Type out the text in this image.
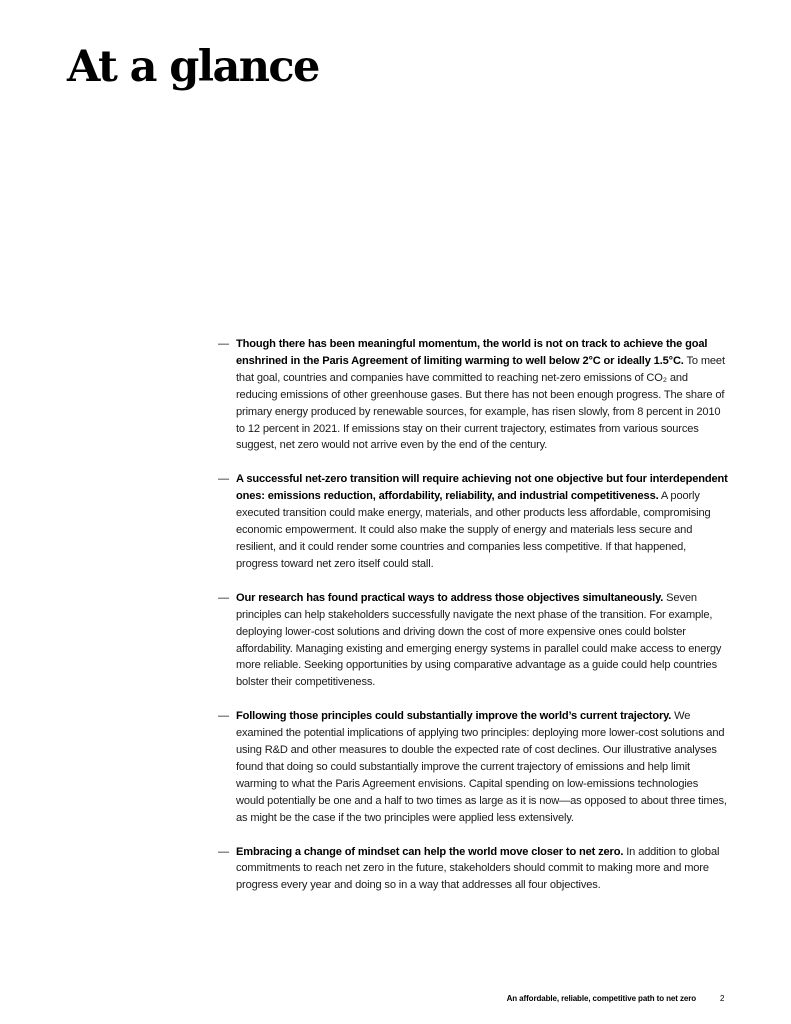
At a glance
— Though there has been meaningful momentum, the world is not on track to achieve the goal enshrined in the Paris Agreement of limiting warming to well below 2°C or ideally 1.5°C. To meet that goal, countries and companies have committed to reaching net-zero emissions of CO₂ and reducing emissions of other greenhouse gases. But there has not been enough progress. The share of primary energy produced by renewable sources, for example, has risen slowly, from 8 percent in 2010 to 12 percent in 2021. If emissions stay on their current trajectory, estimates from various sources suggest, net zero would not arrive even by the end of the century.
— A successful net-zero transition will require achieving not one objective but four interdependent ones: emissions reduction, affordability, reliability, and industrial competitiveness. A poorly executed transition could make energy, materials, and other products less affordable, compromising economic empowerment. It could also make the supply of energy and materials less secure and resilient, and it could render some countries and companies less competitive. If that happened, progress toward net zero itself could stall.
— Our research has found practical ways to address those objectives simultaneously. Seven principles can help stakeholders successfully navigate the next phase of the transition. For example, deploying lower-cost solutions and driving down the cost of more expensive ones could bolster affordability. Managing existing and emerging energy systems in parallel could make access to energy more reliable. Seeking opportunities by using comparative advantage as a guide could help countries bolster their competitiveness.
— Following those principles could substantially improve the world’s current trajectory. We examined the potential implications of applying two principles: deploying more lower-cost solutions and using R&D and other measures to double the expected rate of cost declines. Our illustrative analyses found that doing so could substantially improve the current trajectory of emissions and help limit warming to what the Paris Agreement envisions. Capital spending on low-emissions technologies would potentially be one and a half to two times as large as it is now—as opposed to about three times, as might be the case if the two principles were applied less extensively.
— Embracing a change of mindset can help the world move closer to net zero. In addition to global commitments to reach net zero in the future, stakeholders should commit to making more and more progress every year and doing so in a way that addresses all four objectives.
An affordable, reliable, competitive path to net zero	2
